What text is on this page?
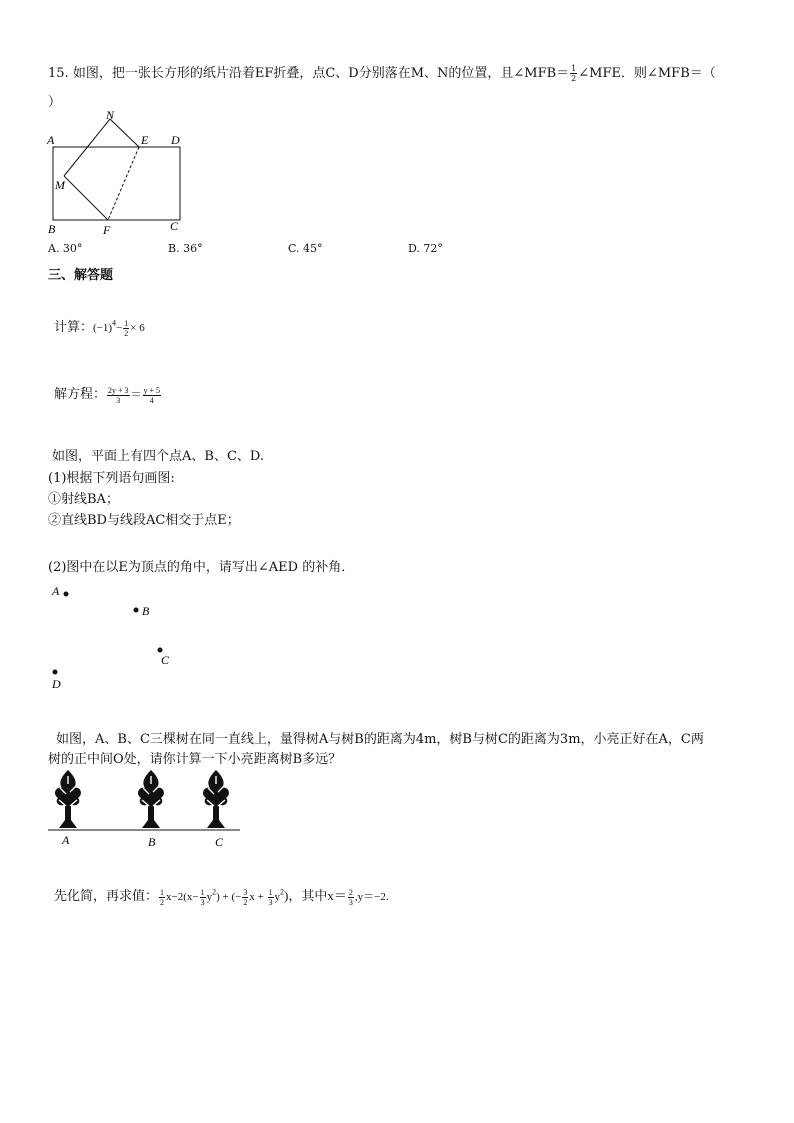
15. 如图，把一张长方形的纸片沿着EF折叠，点C、D分别落在M、N的位置，且∠MFB＝ $\frac{1}{2}$ ∠MFE．则∠MFB＝（
）
A
N
E D
M
B	F	C
A. 30°	B. 36°	C. 45°	D. 72°
三、解答题
计算：$(-1)^4- \frac{1}{2} \times 6$
解方程： $\frac{2y + 3}{3} = \frac{y + 5}{4}$
如图，平面上有四个点A、B、C、D.
(1)根据下列语句画图:
①射线BA；
②直线BD与线段AC相交于点E；
(2)图中在以E为顶点的角中，请写出∠AED 的补角．
A
B
C
D
如图，A、B、C三棵树在同一直线上，量得树A与树B的距离为4m，树B与树C的距离为3m，小亮正好在A，C两
树的正中间O处，请你计算一下小亮距离树B多远？
A	B	C
先化简，再求值： $\frac{1}{2} x-2(x- \frac{1}{3} y^2)$ + (− $\frac{3}{2}$ $x + \frac{1}{3} y^2$)，其中$x= \frac{2}{3} ,y=-2$.
